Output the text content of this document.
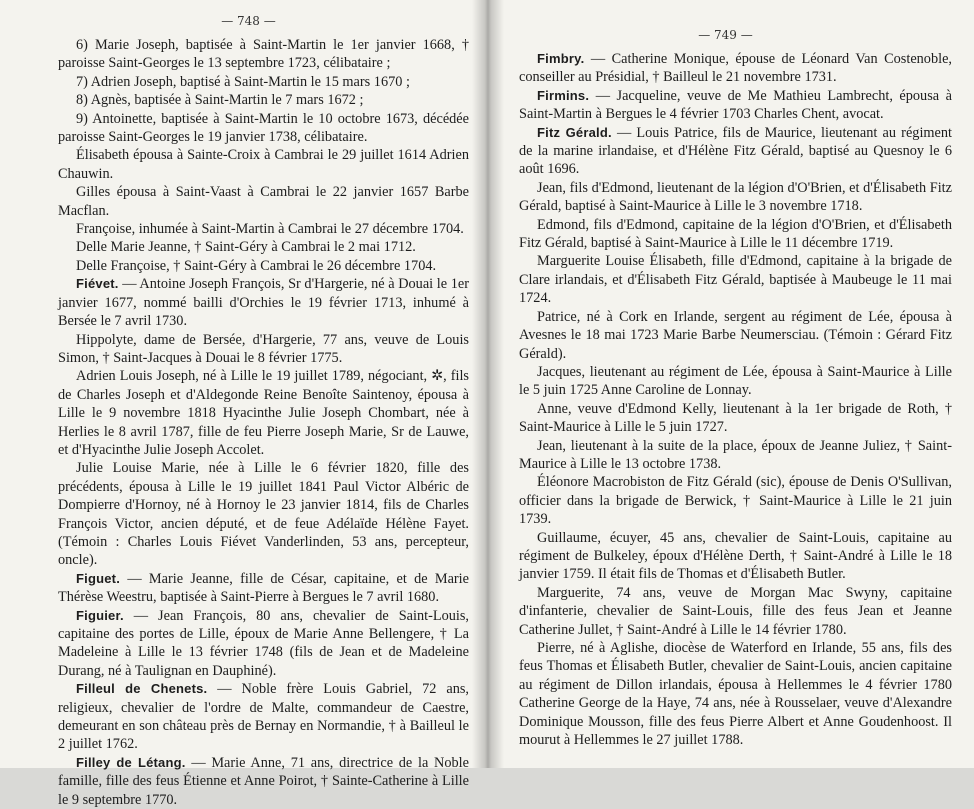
— 748 —

6) Marie Joseph, baptisée à Saint-Martin le 1er janvier 1668, † paroisse Saint-Georges le 13 septembre 1723, célibataire ;

7) Adrien Joseph, baptisé à Saint-Martin le 15 mars 1670 ;

8) Agnès, baptisée à Saint-Martin le 7 mars 1672 ;

9) Antoinette, baptisée à Saint-Martin le 10 octobre 1673, décédée paroisse Saint-Georges le 19 janvier 1738, célibataire.

Élisabeth épousa à Sainte-Croix à Cambrai le 29 juillet 1614 Adrien Chauwin.

Gilles épousa à Saint-Vaast à Cambrai le 22 janvier 1657 Barbe Macflan.

Françoise, inhumée à Saint-Martin à Cambrai le 27 décembre 1704.

Delle Marie Jeanne, † Saint-Géry à Cambrai le 2 mai 1712.

Delle Françoise, † Saint-Géry à Cambrai le 26 décembre 1704.

Fiévet. — Antoine Joseph François, Sr d'Hargerie, né à Douai le 1er janvier 1677, nommé bailli d'Orchies le 19 février 1713, inhumé à Bersée le 7 avril 1730.

Hippolyte, dame de Bersée, d'Hargerie, 77 ans, veuve de Louis Simon, † Saint-Jacques à Douai le 8 février 1775.

Adrien Louis Joseph, né à Lille le 19 juillet 1789, négociant, ✲, fils de Charles Joseph et d'Aldegonde Reine Benoîte Saintenoy, épousa à Lille le 9 novembre 1818 Hyacinthe Julie Joseph Chombart, née à Herlies le 8 avril 1787, fille de feu Pierre Joseph Marie, Sr de Lauwe, et d'Hyacinthe Julie Joseph Accolet.

Julie Louise Marie, née à Lille le 6 février 1820, fille des précédents, épousa à Lille le 19 juillet 1841 Paul Victor Albéric de Dompierre d'Hornoy, né à Hornoy le 23 janvier 1814, fils de Charles François Victor, ancien député, et de feue Adélaïde Hélène Fayet. (Témoin : Charles Louis Fiévet Vanderlinden, 53 ans, percepteur, oncle).

Figuet. — Marie Jeanne, fille de César, capitaine, et de Marie Thérèse Weestru, baptisée à Saint-Pierre à Bergues le 7 avril 1680.

Figuier. — Jean François, 80 ans, chevalier de Saint-Louis, capitaine des portes de Lille, époux de Marie Anne Bellengere, † La Madeleine à Lille le 13 février 1748 (fils de Jean et de Madeleine Durang, né à Taulignan en Dauphiné).

Filleul de Chenets. — Noble frère Louis Gabriel, 72 ans, religieux, chevalier de l'ordre de Malte, commandeur de Caestre, demeurant en son château près de Bernay en Normandie, † à Bailleul le 2 juillet 1762.

Filley de Létang. — Marie Anne, 71 ans, directrice de la Noble famille, fille des feus Étienne et Anne Poirot, † Sainte-Catherine à Lille le 9 septembre 1770.

— 749 —

Fimbry. — Catherine Monique, épouse de Léonard Van Costenoble, conseiller au Présidial, † Bailleul le 21 novembre 1731.

Firmins. — Jacqueline, veuve de Me Mathieu Lambrecht, épousa à Saint-Martin à Bergues le 4 février 1703 Charles Chent, avocat.

Fitz Gérald. — Louis Patrice, fils de Maurice, lieutenant au régiment de la marine irlandaise, et d'Hélène Fitz Gérald, baptisé au Quesnoy le 6 août 1696.

Jean, fils d'Edmond, lieutenant de la légion d'O'Brien, et d'Élisabeth Fitz Gérald, baptisé à Saint-Maurice à Lille le 3 novembre 1718.

Edmond, fils d'Edmond, capitaine de la légion d'O'Brien, et d'Élisabeth Fitz Gérald, baptisé à Saint-Maurice à Lille le 11 décembre 1719.

Marguerite Louise Élisabeth, fille d'Edmond, capitaine à la brigade de Clare irlandais, et d'Élisabeth Fitz Gérald, baptisée à Maubeuge le 11 mai 1724.

Patrice, né à Cork en Irlande, sergent au régiment de Lée, épousa à Avesnes le 18 mai 1723 Marie Barbe Neumersciau. (Témoin : Gérard Fitz Gérald).

Jacques, lieutenant au régiment de Lée, épousa à Saint-Maurice à Lille le 5 juin 1725 Anne Caroline de Lonnay.

Anne, veuve d'Edmond Kelly, lieutenant à la 1er brigade de Roth, † Saint-Maurice à Lille le 5 juin 1727.

Jean, lieutenant à la suite de la place, époux de Jeanne Juliez, † Saint-Maurice à Lille le 13 octobre 1738.

Éléonore Macrobiston de Fitz Gérald (sic), épouse de Denis O'Sullivan, officier dans la brigade de Berwick, † Saint-Maurice à Lille le 21 juin 1739.

Guillaume, écuyer, 45 ans, chevalier de Saint-Louis, capitaine au régiment de Bulkeley, époux d'Hélène Derth, † Saint-André à Lille le 18 janvier 1759. Il était fils de Thomas et d'Élisabeth Butler.

Marguerite, 74 ans, veuve de Morgan Mac Swyny, capitaine d'infanterie, chevalier de Saint-Louis, fille des feus Jean et Jeanne Catherine Jullet, † Saint-André à Lille le 14 février 1780.

Pierre, né à Aglishe, diocèse de Waterford en Irlande, 55 ans, fils des feus Thomas et Élisabeth Butler, chevalier de Saint-Louis, ancien capitaine au régiment de Dillon irlandais, épousa à Hellemmes le 4 février 1780 Catherine George de la Haye, 74 ans, née à Rousselaer, veuve d'Alexandre Dominique Mousson, fille des feus Pierre Albert et Anne Goudenhoost. Il mourut à Hellemmes le 27 juillet 1788.
